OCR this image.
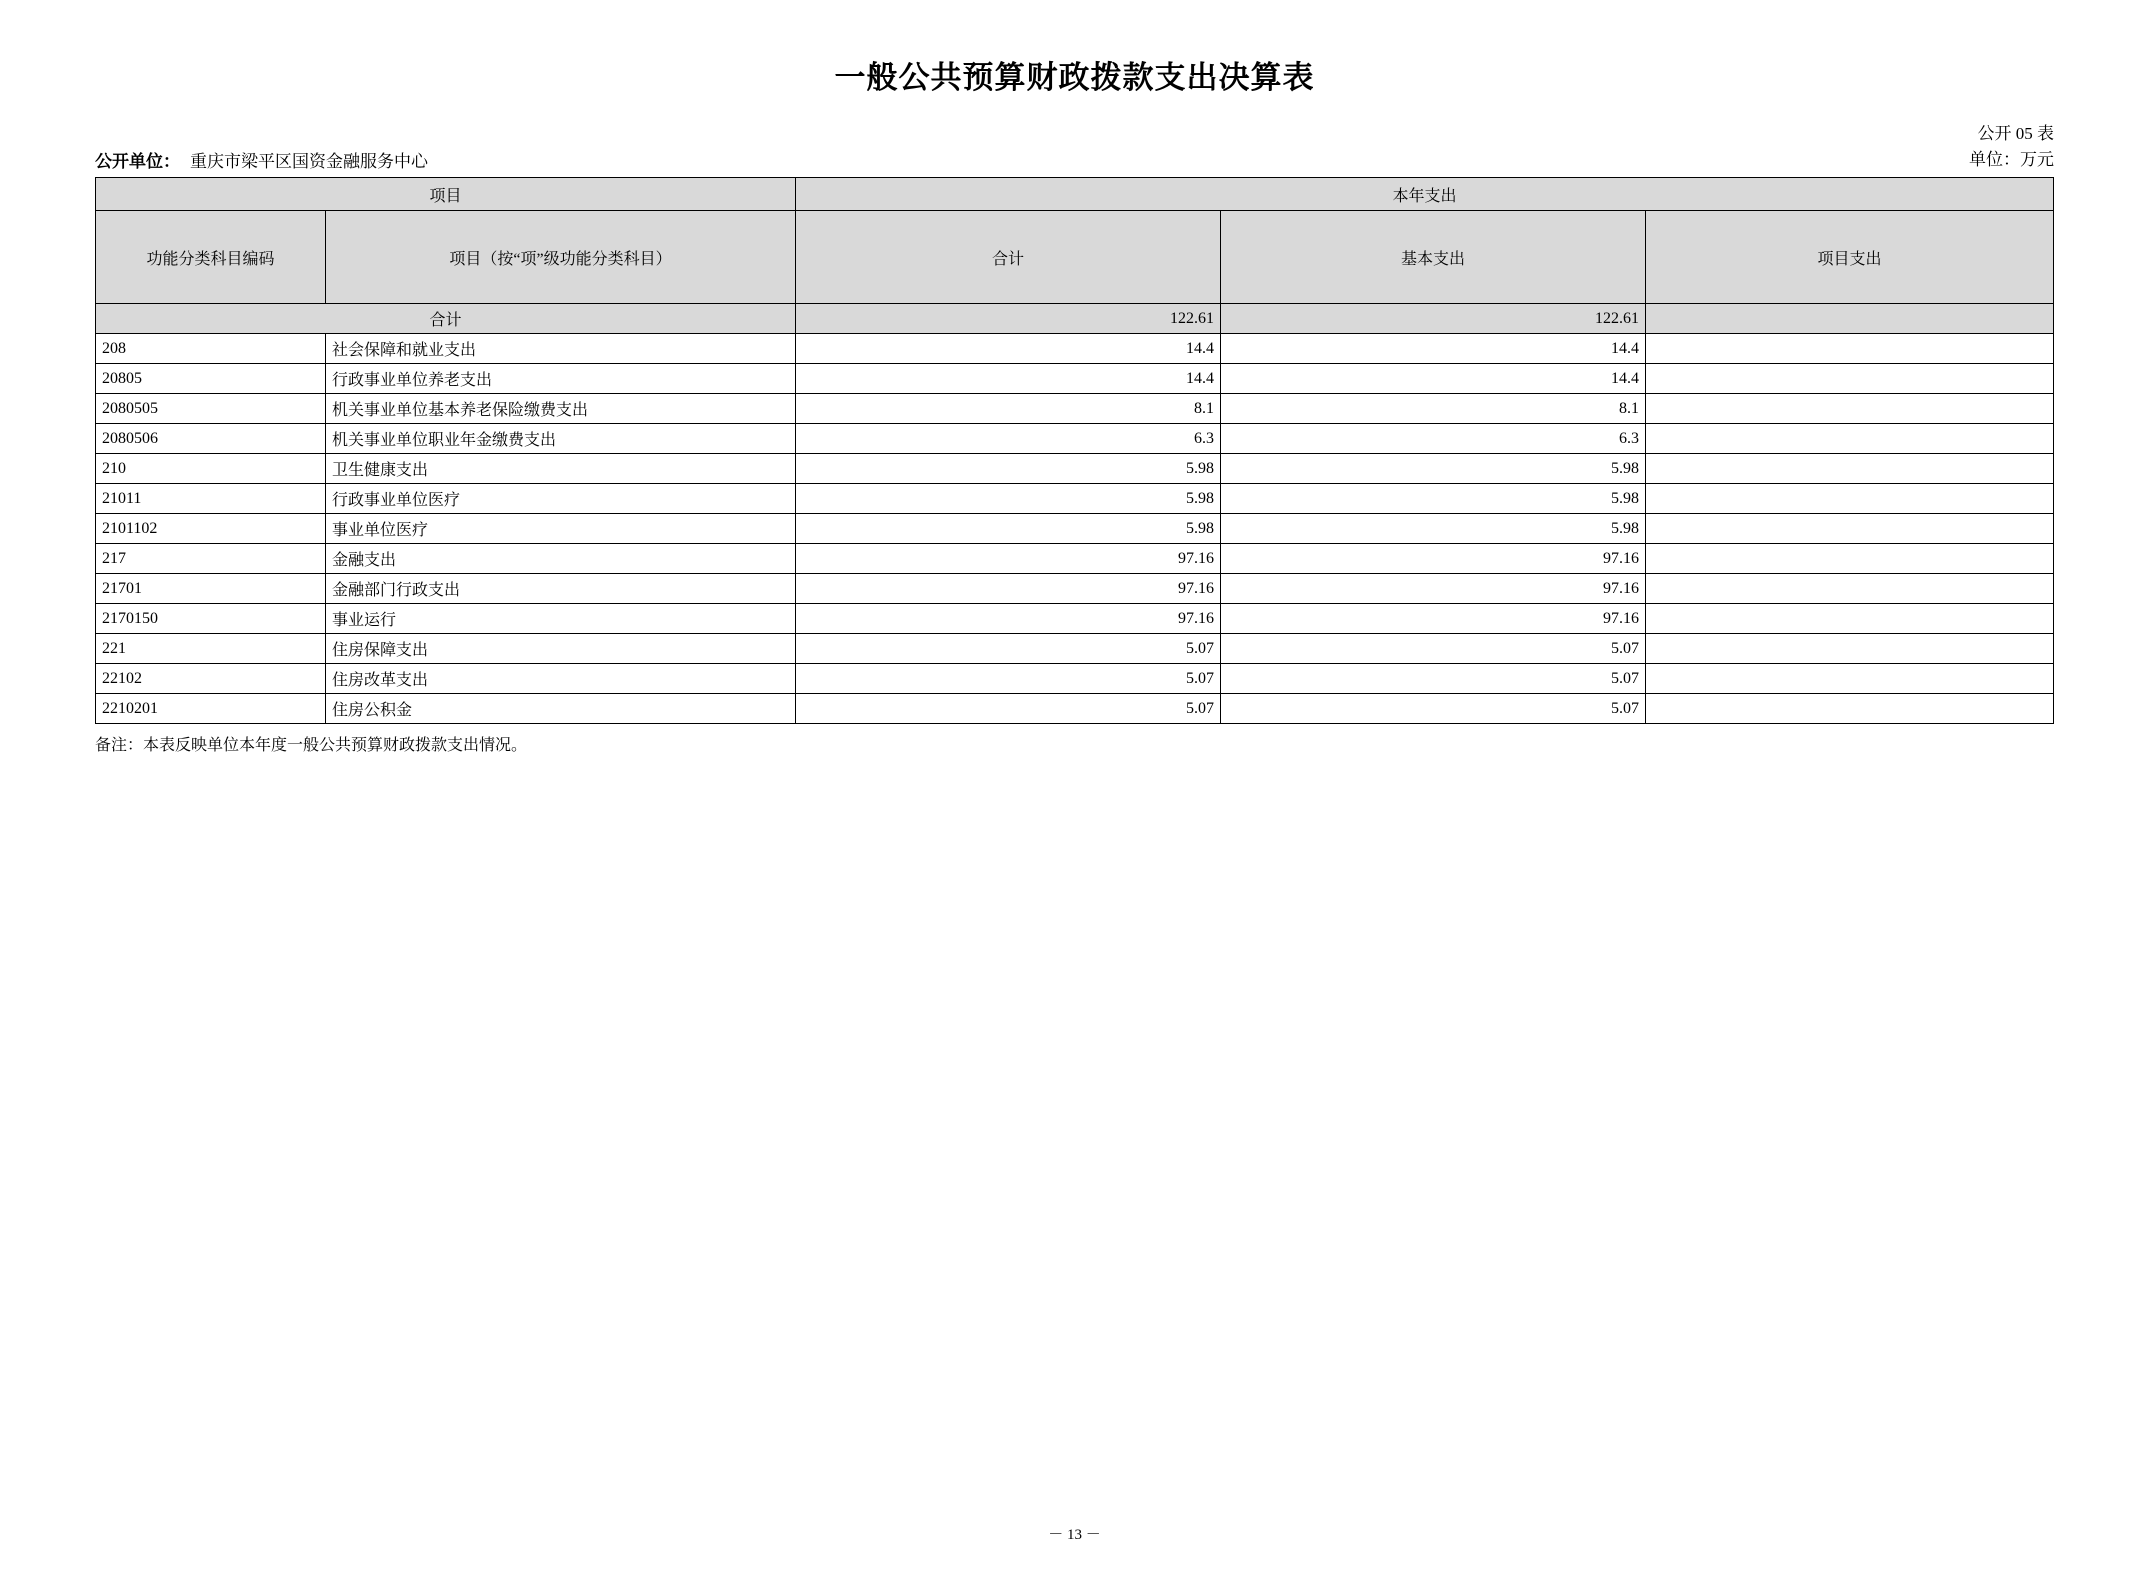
一般公共预算财政拨款支出决算表
公开单位： 重庆市梁平区国资金融服务中心
公开 05 表
单位：万元
项目		本年支出		
功能分类科目编码	项目（按“项”级功能分类科目）	合计	基本支出	项目支出
合计		122.61	122.61	
208	社会保障和就业支出	14.4	14.4	
20805	行政事业单位养老支出	14.4	14.4	
2080505	机关事业单位基本养老保险缴费支出	8.1	8.1	
2080506	机关事业单位职业年金缴费支出	6.3	6.3	
210	卫生健康支出	5.98	5.98	
21011	行政事业单位医疗	5.98	5.98	
2101102	事业单位医疗	5.98	5.98	
217	金融支出	97.16	97.16	
21701	金融部门行政支出	97.16	97.16	
2170150	事业运行	97.16	97.16	
221	住房保障支出	5.07	5.07	
22102	住房改革支出	5.07	5.07	
2210201	住房公积金	5.07	5.07	
备注：本表反映单位本年度一般公共预算财政拨款支出情况。
－ 13 －
